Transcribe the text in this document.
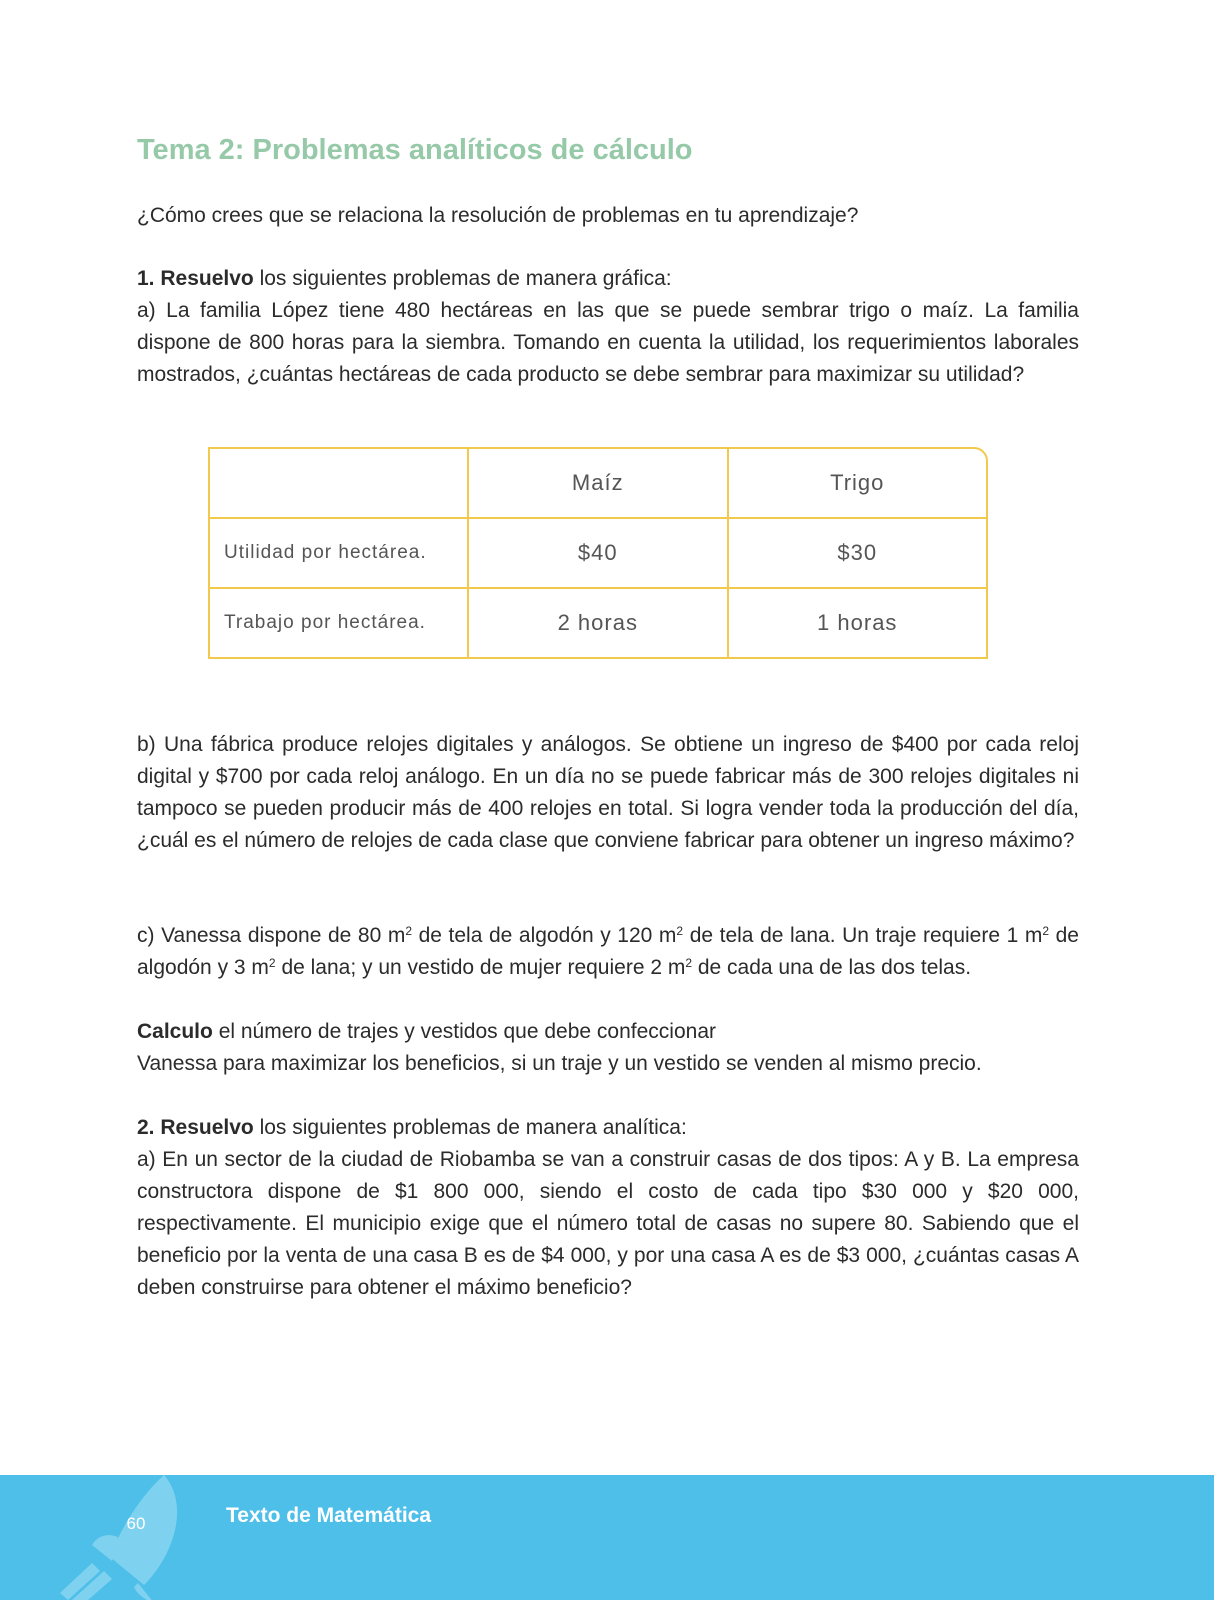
Tema 2: Problemas analíticos de cálculo

¿Cómo crees que se relaciona la resolución de problemas en tu aprendizaje?

1. Resuelvo los siguientes problemas de manera gráfica:

a) La familia López tiene 480 hectáreas en las que se puede sembrar trigo o maíz. La familia dispone de 800 horas para la siembra. Tomando en cuenta la utilidad, los requerimientos laborales mostrados, ¿cuántas hectáreas de cada producto se debe sembrar para maximizar su utilidad?

	Maíz	Trigo
Utilidad por hectárea.	$40	$30
Trabajo por hectárea.	2 horas	1 horas

b) Una fábrica produce relojes digitales y análogos. Se obtiene un ingreso de $400 por cada reloj digital y $700 por cada reloj análogo. En un día no se puede fabricar más de 300 relojes digitales ni tampoco se pueden producir más de 400 relojes en total. Si logra vender toda la producción del día, ¿cuál es el número de relojes de cada clase que conviene fabricar para obtener un ingreso máximo?

c) Vanessa dispone de 80 $m^2$ de tela de algodón y 120 $m^2$ de tela de lana. Un traje requiere 1 $m^2$ de algodón y 3 $m^2$ de lana; y un vestido de mujer requiere 2 $m^2$ de cada una de las dos telas.

Calculo el número de trajes y vestidos que debe confeccionar
Vanessa para maximizar los beneficios, si un traje y un vestido se venden al mismo precio.

2. Resuelvo los siguientes problemas de manera analítica:

a) En un sector de la ciudad de Riobamba se van a construir casas de dos tipos: A y B. La empresa constructora dispone de $1 800 000, siendo el costo de cada tipo $30 000 y $20 000, respectivamente. El municipio exige que el número total de casas no supere 80. Sabiendo que el beneficio por la venta de una casa B es de $4 000, y por una casa A es de $3 000, ¿cuántas casas A deben construirse para obtener el máximo beneficio?

60	Texto de Matemática
